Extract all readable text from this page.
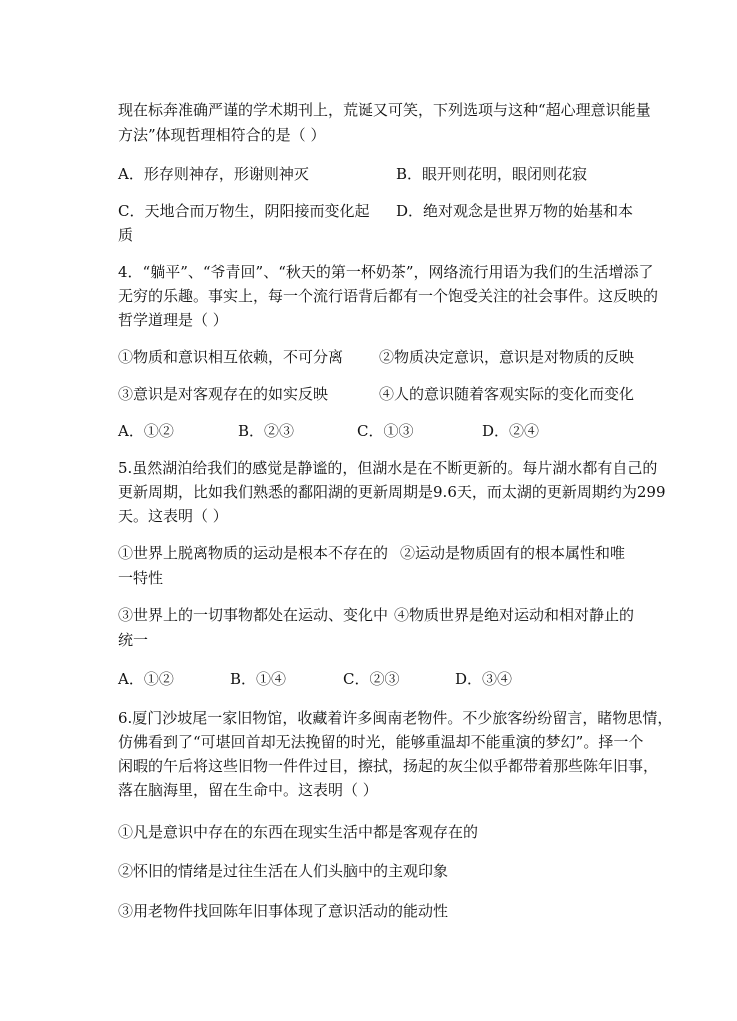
现在标奔准确严谨的学术期刊上，荒诞又可笑，下列选项与这种“超心理意识能量
方法”体现哲理相符合的是（ ）
A．形存则神存，形谢则神灭	B．眼开则花明，眼闭则花寂
C．天地合而万物生，阴阳接而变化起 D．绝对观念是世界万物的始基和本
质
4．“躺平”、“爷青回”、“秋天的第一杯奶茶”，网络流行用语为我们的生活增添了
无穷的乐趣。事实上，每一个流行语背后都有一个饱受关注的社会事件。这反映的
哲学道理是（ ）
①物质和意识相互依赖，不可分离 ②物质决定意识，意识是对物质的反映
③意识是对客观存在的如实反映	④人的意识随着客观实际的变化而变化
A．①②	B．②③	C．①③	D．②④
5.虽然湖泊给我们的感觉是静谧的，但湖水是在不断更新的。每片湖水都有自己的
更新周期，比如我们熟悉的鄱阳湖的更新周期是9.6天，而太湖的更新周期约为299
天。这表明（ ）
①世界上脱离物质的运动是根本不存在的 ②运动是物质固有的根本属性和唯
一特性
③世界上的一切事物都处在运动、变化中 ④物质世界是绝对运动和相对静止的
统一
A．①②	B．①④	C．②③	D．③④
6.厦门沙坡尾一家旧物馆，收藏着许多闽南老物件。不少旅客纷纷留言，睹物思情，
仿佛看到了“可堪回首却无法挽留的时光，能够重温却不能重演的梦幻”。择一个
闲暇的午后将这些旧物一件件过目，擦拭，扬起的灰尘似乎都带着那些陈年旧事，
落在脑海里，留在生命中。这表明（ ）
①凡是意识中存在的东西在现实生活中都是客观存在的
②怀旧的情绪是过往生活在人们头脑中的主观印象
③用老物件找回陈年旧事体现了意识活动的能动性
